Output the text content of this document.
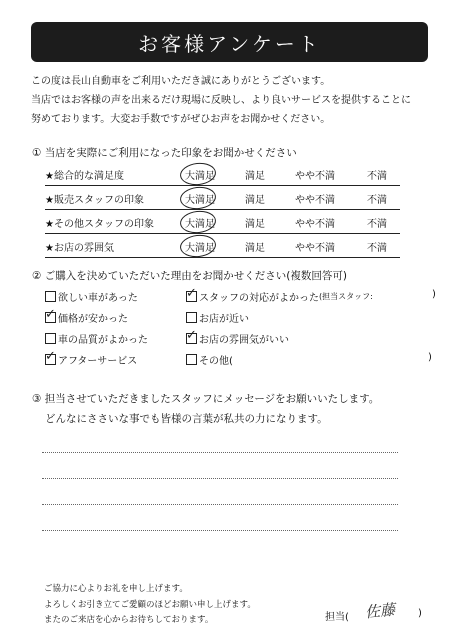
お客様アンケート
この度は長山自動車をご利用いただき誠にありがとうございます。
当店ではお客様の声を出来るだけ現場に反映し、より良いサービスを提供することに
努めております。大変お手数ですがぜひお声をお聞かせください。
① 当店を実際にご利用になった印象をお聞かせください
★総合的な満足度	大満足	満足	やや不満	不満
★販売スタッフの印象	大満足	満足	やや不満	不満
★その他スタッフの印象	大満足	満足	やや不満	不満
★お店の雰囲気	大満足	満足	やや不満	不満
② ご購入を決めていただいた理由をお聞かせください(複数回答可)
欲しい車があった	✓ スタッフの対応がよかった (担当スタッフ:	)
✓ 価格が安かった	お店が近い
車の品質がよかった	✓ お店の雰囲気がいい
✓ アフターサービス	その他(	)
③ 担当させていただきましたスタッフにメッセージをお願いいたします。
どんなにささいな事でも皆様の言葉が私共の力になります。
ご協力に心よりお礼を申し上げます。
よろしくお引き立てご愛顧のほどお願い申し上げます。
またのご来店を心からお待ちしております。	担当( 佐藤 )
